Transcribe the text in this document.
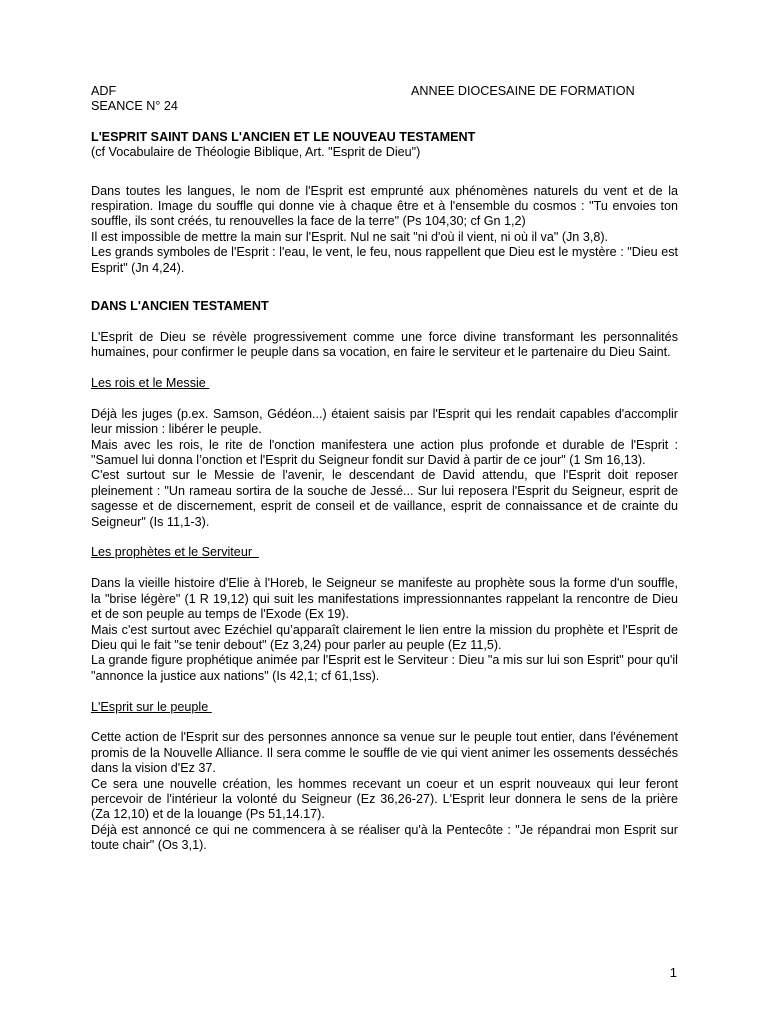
ADF	ANNEE DIOCESAINE DE FORMATION
SEANCE N° 24

L'ESPRIT SAINT DANS L'ANCIEN ET LE NOUVEAU TESTAMENT

(cf Vocabulaire de Théologie Biblique, Art. "Esprit de Dieu")

Dans toutes les langues, le nom de l'Esprit est emprunté aux phénomènes naturels du vent et de la respiration. Image du souffle qui donne vie à chaque être et à l'ensemble du cosmos : "Tu envoies ton souffle, ils sont créés, tu renouvelles la face de la terre" (Ps 104,30; cf Gn 1,2)

Il est impossible de mettre la main sur l'Esprit. Nul ne sait "ni d'où il vient, ni où il va" (Jn 3,8).

Les grands symboles de l'Esprit : l'eau, le vent, le feu, nous rappellent que Dieu est le mystère : "Dieu est Esprit" (Jn 4,24).

DANS L'ANCIEN TESTAMENT

L'Esprit de Dieu se révèle progressivement comme une force divine transformant les personnalités humaines, pour confirmer le peuple dans sa vocation, en faire le serviteur et le partenaire du Dieu Saint.

Les rois et le Messie

Déjà les juges (p.ex. Samson, Gédéon...) étaient saisis par l'Esprit qui les rendait capables d'accomplir leur mission : libérer le peuple.

Mais avec les rois, le rite de l'onction manifestera une action plus profonde et durable de l'Esprit : "Samuel lui donna l’onction et l'Esprit du Seigneur fondit sur David à partir de ce jour" (1 Sm 16,13).

C'est surtout sur le Messie de l'avenir, le descendant de David attendu, que l'Esprit doit reposer pleinement : "Un rameau sortira de la souche de Jessé... Sur lui reposera l'Esprit du Seigneur, esprit de sagesse et de discernement, esprit de conseil et de vaillance, esprit de connaissance et de crainte du Seigneur" (Is 11,1-3).

Les prophètes et le Serviteur

Dans la vieille histoire d'Elie à l'Horeb, le Seigneur se manifeste au prophète sous la forme d'un souffle, la "brise légère" (1 R 19,12) qui suit les manifestations impressionnantes rappelant la rencontre de Dieu et de son peuple au temps de l'Exode (Ex 19).

Mais c'est surtout avec Ezéchiel qu’apparaît clairement le lien entre la mission du prophète et l'Esprit de Dieu qui le fait "se tenir debout" (Ez 3,24) pour parler au peuple (Ez 11,5).

La grande figure prophétique animée par l'Esprit est le Serviteur : Dieu "a mis sur lui son Esprit" pour qu'il "annonce la justice aux nations" (Is 42,1; cf 61,1ss).

L'Esprit sur le peuple

Cette action de l'Esprit sur des personnes annonce sa venue sur le peuple tout entier, dans l'événement promis de la Nouvelle Alliance. Il sera comme le souffle de vie qui vient animer les ossements desséchés dans la vision d'Ez 37.

Ce sera une nouvelle création, les hommes recevant un coeur et un esprit nouveaux qui leur feront percevoir de l'intérieur la volonté du Seigneur (Ez 36,26-27). L'Esprit leur donnera le sens de la prière (Za 12,10) et de la louange (Ps 51,14.17).

Déjà est annoncé ce qui ne commencera à se réaliser qu'à la Pentecôte : "Je répandrai mon Esprit sur toute chair" (Os 3,1).

1
